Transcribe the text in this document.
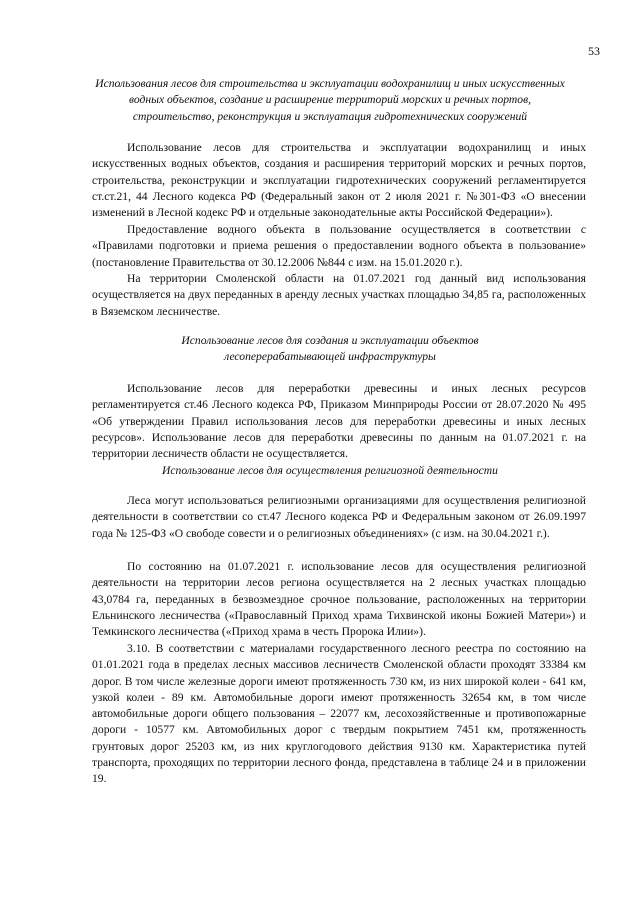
53
Использования лесов для строительства и эксплуатации водохранилищ и иных искусственных водных объектов, создание и расширение территорий морских и речных портов, строительство, реконструкция и эксплуатация гидротехнических сооружений
Использование лесов для строительства и эксплуатации водохранилищ и иных искусственных водных объектов, создания и расширения территорий морских и речных портов, строительства, реконструкции и эксплуатации гидротехнических сооружений регламентируется ст.ст.21, 44 Лесного кодекса РФ (Федеральный закон от 2 июля 2021 г. №301-ФЗ «О внесении изменений в Лесной кодекс РФ и отдельные законодательные акты Российской Федерации»).
Предоставление водного объекта в пользование осуществляется в соответствии с «Правилами подготовки и приема решения о предоставлении водного объекта в пользование» (постановление Правительства от 30.12.2006 №844 с изм. на 15.01.2020 г.).
На территории Смоленской области на 01.07.2021 год данный вид использования осуществляется на двух переданных в аренду лесных участках площадью 34,85 га, расположенных в Вяземском лесничестве.
Использование лесов для создания и эксплуатации объектов
лесоперерабатывающей инфраструктуры
Использование лесов для переработки древесины и иных лесных ресурсов регламентируется ст.46 Лесного кодекса РФ, Приказом Минприроды России от 28.07.2020 № 495 «Об утверждении Правил использования лесов для переработки древесины и иных лесных ресурсов». Использование лесов для переработки древесины по данным на 01.07.2021 г. на территории лесничеств области не осуществляется.
Использование лесов для осуществления религиозной деятельности
Леса могут использоваться религиозными организациями для осуществления религиозной деятельности в соответствии со ст.47 Лесного кодекса РФ и Федеральным законом от 26.09.1997 года № 125-ФЗ «О свободе совести и о религиозных объединениях» (с изм. на 30.04.2021 г.).
По состоянию на 01.07.2021 г. использование лесов для осуществления религиозной деятельности на территории лесов региона осуществляется на 2 лесных участках площадью 43,0784 га, переданных в безвозмездное срочное пользование, расположенных на территории Ельнинского лесничества («Православный Приход храма Тихвинской иконы Божией Матери») и Темкинского лесничества («Приход храма в честь Пророка Илии»).
3.10. В соответствии с материалами государственного лесного реестра по состоянию на 01.01.2021 года в пределах лесных массивов лесничеств Смоленской области проходят 33384 км дорог. В том числе железные дороги имеют протяженность 730 км, из них широкой колеи - 641 км, узкой колеи - 89 км. Автомобильные дороги имеют протяженность 32654 км, в том числе автомобильные дороги общего пользования – 22077 км, лесохозяйственные и противопожарные дороги - 10577 км. Автомобильных дорог с твердым покрытием 7451 км, протяженность грунтовых дорог 25203 км, из них круглогодового действия 9130 км. Характеристика путей транспорта, проходящих по территории лесного фонда, представлена в таблице 24 и в приложении 19.
